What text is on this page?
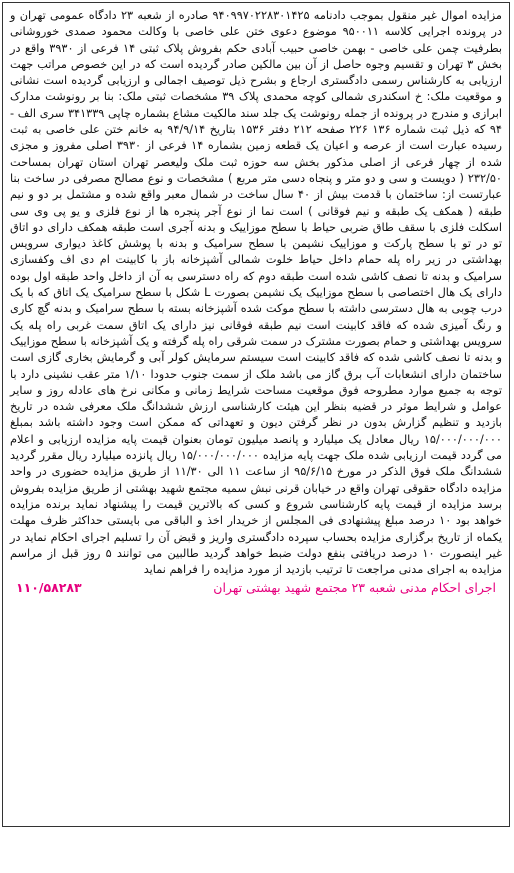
مزایده اموال غیر منقول بموجب دادنامه ۹۴۰۹۹۷۰۲۲۸۳۰۱۴۲۵ صادره از شعبه ۲۳ دادگاه عمومی تهران و در پرونده اجرایی کلاسه ۹۵۰۰۱۱ موضوع دعوی ختن علی خاصی با وکالت محمود صمدی خوروشانی بطرفیت چمن علی خاصی - بهمن خاصی حبیب آبادی حکم بفروش پلاک ثبتی ۱۴ فرعی از ۳۹۳۰ واقع در بخش ۳ تهران و تقسیم وجوه حاصل از آن بین مالکین صادر گردیده است که در این خصوص مراتب جهت ارزیابی به کارشناس رسمی دادگستری ارجاع و بشرح ذیل توصیف اجمالی و ارزیابی گردیده است نشانی و موقعیت ملک: خ اسکندری شمالی کوچه محمدی پلاک ۳۹ مشخصات ثبتی ملک: بنا بر رونوشت مدارک ابرازی و مندرج در پرونده از جمله رونوشت یک جلد سند مالکیت مشاع بشماره چاپی ۳۴۱۳۳۹ سری الف - ۹۴ که ذیل ثبت شماره ۱۳۶ ۲۲۶ صفحه ۲۱۲ دفتر ۱۵۳۶ بتاریخ ۹۴/۹/۱۴ به خانم ختن علی خاصی به ثبت رسیده عبارت است از عرصه و اعیان یک قطعه زمین بشماره ۱۴ فرعی از ۳۹۳۰ اصلی مفروز و مجزی شده از چهار فرعی از اصلی مذکور بخش سه حوزه ثبت ملک ولیعصر تهران استان تهران بمساحت ۲۳۲/۵۰ ( دویست و سی و دو متر و پنجاه دسی متر مربع ) مشخصات و نوع مصالح مصرفی در ساخت بنا عبارتست از: ساختمان با قدمت بیش از ۴۰ سال ساخت در شمال معبر واقع شده و مشتمل بر دو و نیم طبقه ( همکف یک طبقه و نیم فوقانی ) است نما از نوع آجر پنجره ها از نوع فلزی و یو پی وی سی اسکلت فلزی با سقف طاق ضربی حیاط با سطح موزاییک و بدنه آجری است طبقه همکف دارای دو اتاق تو در تو با سطح پارکت و موزاییک نشیمن با سطح سرامیک و بدنه با پوشش کاغذ دیواری سرویس بهداشتی در زیر راه پله حمام داخل حیاط خلوت شمالی آشپزخانه باز با کابینت ام دی اف وکفسازی سرامیک و بدنه تا نصف کاشی شده است طبقه دوم که راه دسترسی به آن از داخل واحد طبقه اول بوده دارای یک هال اختصاصی با سطح موزاییک یک نشیمن بصورت L شکل با سطح سرامیک یک اتاق که با یک درب چوبی به هال دسترسی داشته با سطح موکت شده آشپزخانه بسته با سطح سرامیک و بدنه گچ کاری و رنگ آمیزی شده که فاقد کابینت است نیم طبقه فوقانی نیز دارای یک اتاق سمت غربی راه پله یک سرویس بهداشتی و حمام بصورت مشترک در سمت شرقی راه پله گرفته و یک آشپزخانه با سطح موزاییک و بدنه تا نصف کاشی شده که فاقد کابینت است سیستم سرمایش کولر آبی و گرمایش بخاری گازی است ساختمان دارای انشعابات آب برق گاز می باشد ملک از سمت جنوب حدودا ۱/۱۰ متر عقب نشینی دارد با توجه به جمیع موارد مطروحه فوق موقعیت مساحت شرایط زمانی و مکانی نرخ های عادله روز و سایر عوامل و شرایط موثر در قضیه بنظر این هیئت کارشناسی ارزش ششدانگ ملک معرفی شده در تاریخ بازدید و تنظیم گزارش بدون در نظر گرفتن دیون و تعهداتی که ممکن است وجود داشته باشد بمبلغ ۱۵/۰۰۰/۰۰۰/۰۰۰ ریال معادل یک میلیارد و پانصد میلیون تومان بعنوان قیمت پایه مزایده ارزیابی و اعلام می گردد قیمت ارزیابی شده ملک جهت پایه مزایده ۱۵/۰۰۰/۰۰۰/۰۰۰ ریال پانزده میلیارد ریال مقرر گردید ششدانگ ملک فوق الذکر در مورخ ۹۵/۶/۱۵ از ساعت ۱۱ الی ۱۱/۳۰ از طریق مزایده حضوری در واحد مزایده دادگاه حقوقی تهران واقع در خیابان قرنی نبش سمیه مجتمع شهید بهشتی از طریق مزایده بفروش برسد مزایده از قیمت پایه کارشناسی شروع و کسی که بالاترین قیمت را پیشنهاد نماید برنده مزایده خواهد بود ۱۰ درصد مبلغ پیشنهادی فی المجلس از خریدار اخذ و الباقی می بایستی حداکثر ظرف مهلت یکماه از تاریخ برگزاری مزایده بحساب سپرده دادگستری واریز و قبض آن را تسلیم اجرای احکام نماید در غیر اینصورت ۱۰ درصد دریافتی بنفع دولت ضبط خواهد گردید طالبین می توانند ۵ روز قبل از مراسم مزایده به اجرای مدنی مراجعت تا ترتیب بازدید از مورد مزایده را فراهم نماید

اجرای احکام مدنی شعبه ۲۳ مجتمع شهید بهشتی تهران
۱۱۰/۵۸۲۸۳
